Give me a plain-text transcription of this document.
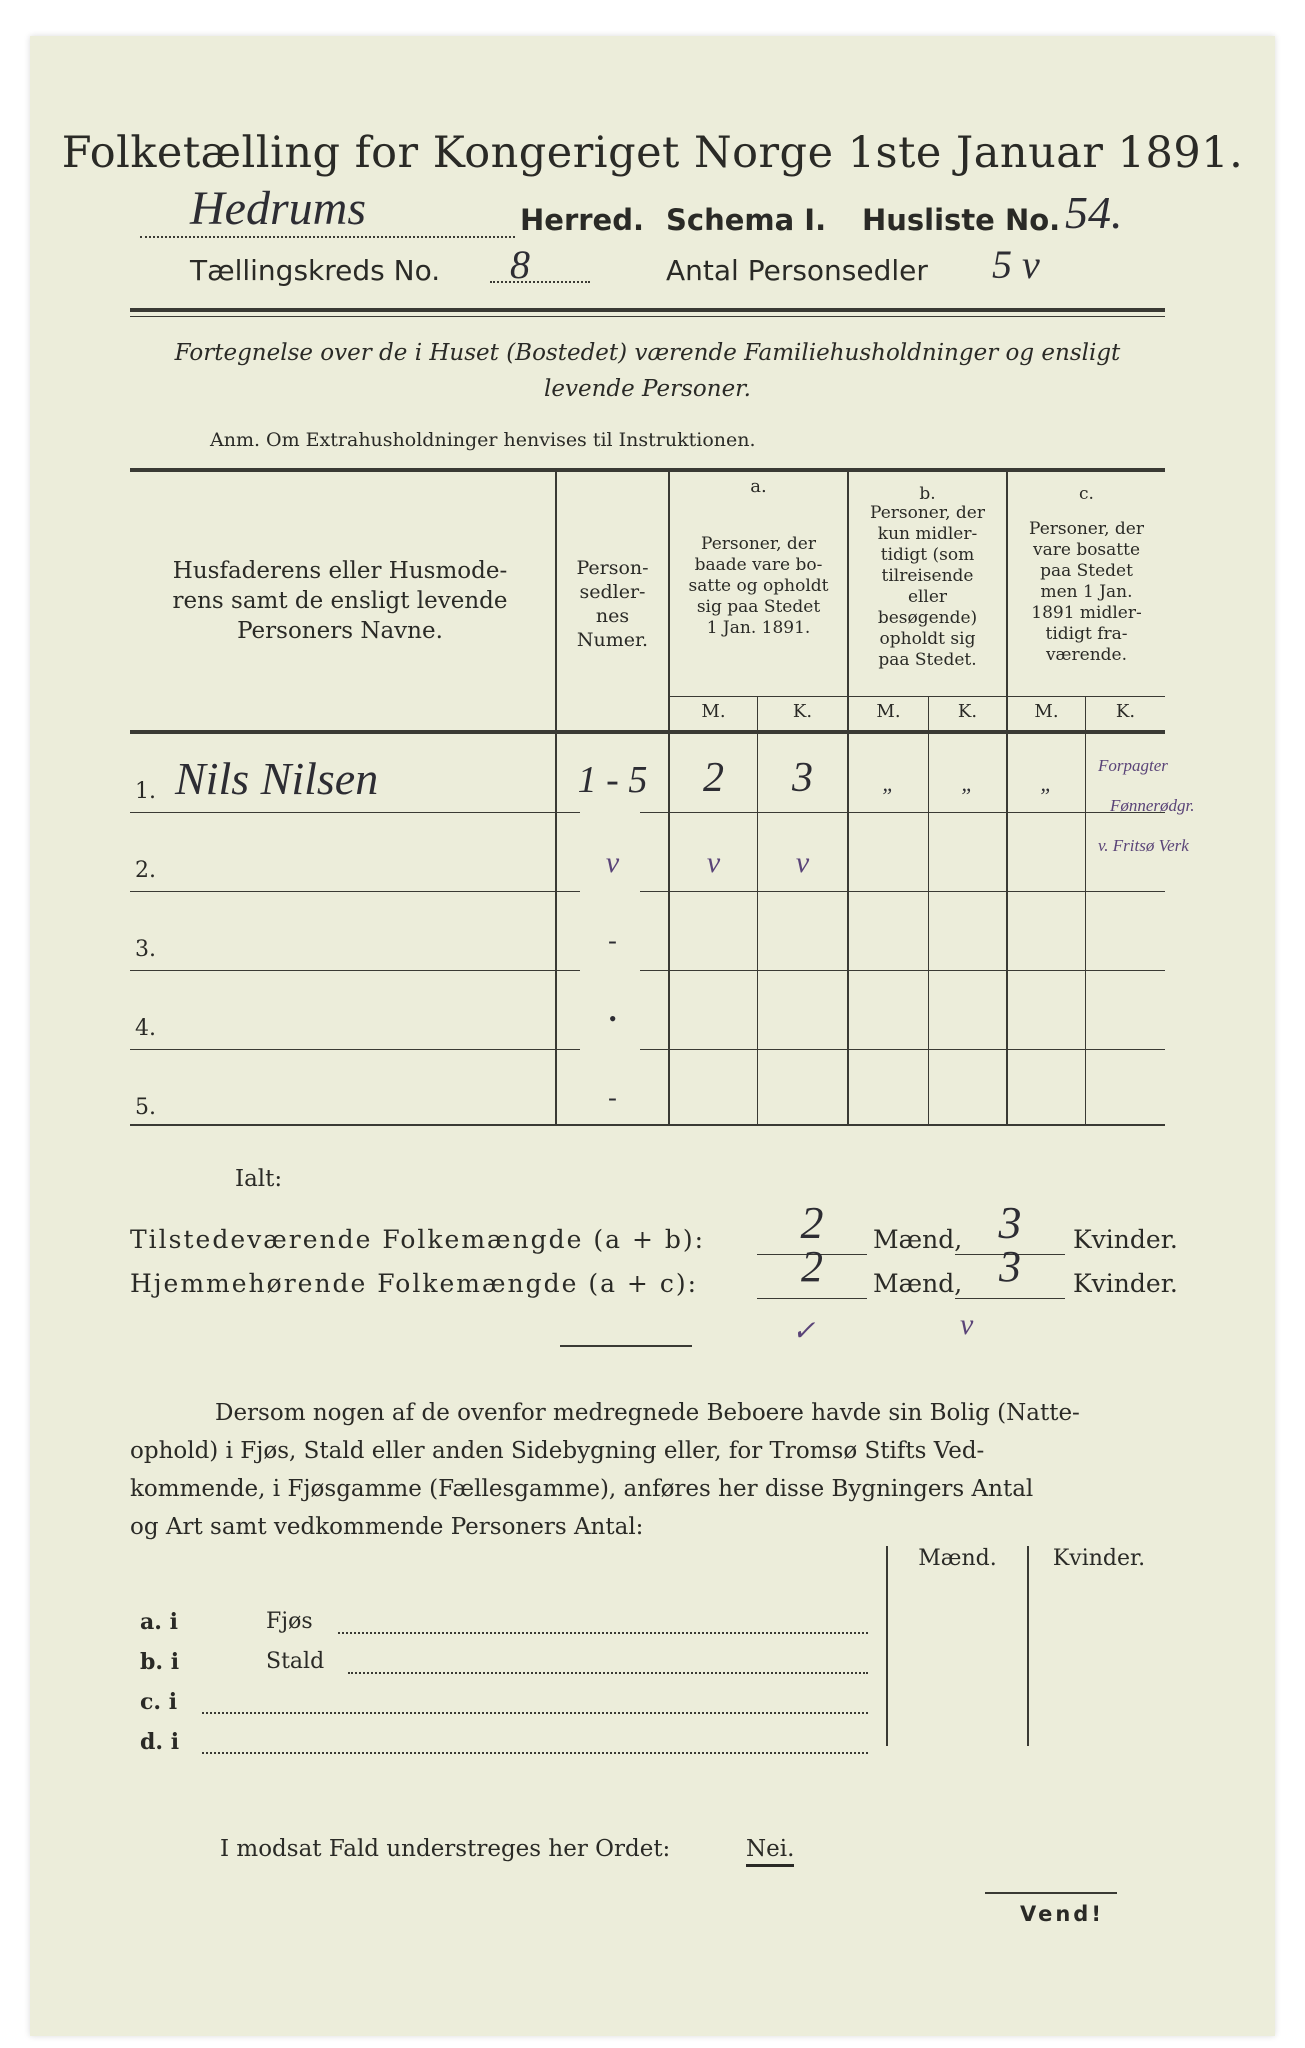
Folketælling for Kongeriget Norge 1ste Januar 1891.
Hedrums	Herred. Schema I. Husliste No. 54.
Tællingskreds No. 8	Antal Personsedler 5 v
Fortegnelse over de i Huset (Bostedet) værende Familiehusholdninger og ensligt
levende Personer.
Anm. Om Extrahusholdninger henvises til Instruktionen.
Husfaderens eller Husmode-
rens samt de ensligt levende
Personers Navne.
Person-
sedler-
nes
Numer.
a.
Personer, der
baade vare bo-
satte og opholdt
sig paa Stedet
1 Jan. 1891.
b.
Personer, der
kun midler-
tidigt (som
tilreisende
eller
besøgende)
opholdt sig
paa Stedet.
c.
Personer, der
vare bosatte
paa Stedet
men 1 Jan.
1891 midler-
tidigt fra-
værende.
M.	K.	M.	K.	M.	K.
1. Nils Nilsen	1 - 5	2	3	„	„	„
Forpagter
Fønnerødgr.
v. Fritsø Verk
2.	v	v	v
3.	-
4.	•
5.	-
Ialt:
Tilstedeværende Folkemængde (a + b):	2	Mænd, 3	Kvinder.
Hjemmehørende Folkemængde (a + c):	2	Mænd, 3	Kvinder.
✓	v
Dersom nogen af de ovenfor medregnede Beboere havde sin Bolig (Natte-
ophold) i Fjøs, Stald eller anden Sidebygning eller, for Tromsø Stifts Ved-
kommende, i Fjøsgamme (Fællesgamme), anføres her disse Bygningers Antal
og Art samt vedkommende Personers Antal:
Mænd.	Kvinder.
a. i	Fjøs
b. i	Stald
c. i
d. i
I modsat Fald understreges her Ordet:	Nei.
Vend!
